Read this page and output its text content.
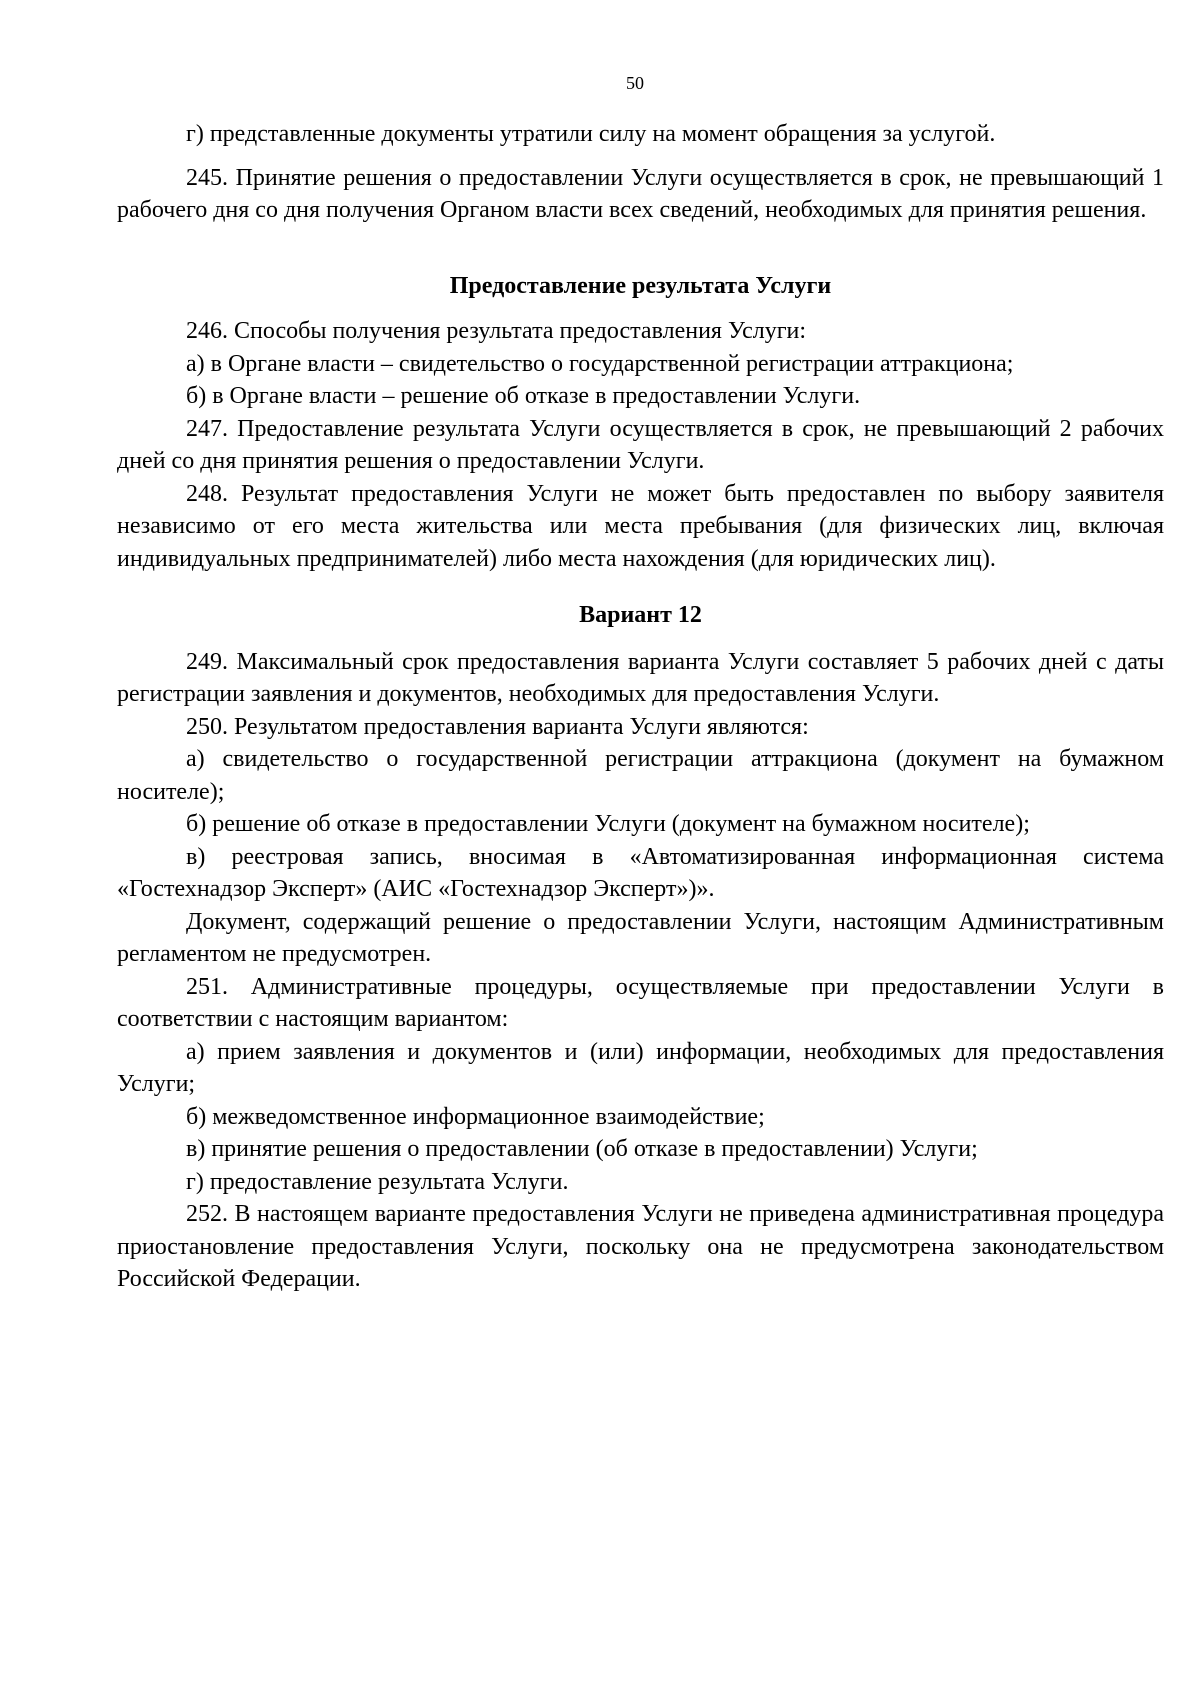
50

г) представленные документы утратили силу на момент обращения за услугой.

245. Принятие решения о предоставлении Услуги осуществляется в срок, не превышающий 1 рабочего дня со дня получения Органом власти всех сведений, необходимых для принятия решения.

Предоставление результата Услуги

246. Способы получения результата предоставления Услуги:

а) в Органе власти – свидетельство о государственной регистрации аттракциона;

б) в Органе власти – решение об отказе в предоставлении Услуги.

247. Предоставление результата Услуги осуществляется в срок, не превышающий 2 рабочих дней со дня принятия решения о предоставлении Услуги.

248. Результат предоставления Услуги не может быть предоставлен по выбору заявителя независимо от его места жительства или места пребывания (для физических лиц, включая индивидуальных предпринимателей) либо места нахождения (для юридических лиц).

Вариант 12

249. Максимальный срок предоставления варианта Услуги составляет 5 рабочих дней с даты регистрации заявления и документов, необходимых для предоставления Услуги.

250. Результатом предоставления варианта Услуги являются:

а) свидетельство о государственной регистрации аттракциона (документ на бумажном носителе);

б) решение об отказе в предоставлении Услуги (документ на бумажном носителе);

в) реестровая запись, вносимая в «Автоматизированная информационная система «Гостехнадзор Эксперт» (АИС «Гостехнадзор Эксперт»)».

Документ, содержащий решение о предоставлении Услуги, настоящим Административным регламентом не предусмотрен.

251. Административные процедуры, осуществляемые при предоставлении Услуги в соответствии с настоящим вариантом:

а) прием заявления и документов и (или) информации, необходимых для предоставления Услуги;

б) межведомственное информационное взаимодействие;

в) принятие решения о предоставлении (об отказе в предоставлении) Услуги;

г) предоставление результата Услуги.

252. В настоящем варианте предоставления Услуги не приведена административная процедура приостановление предоставления Услуги, поскольку она не предусмотрена законодательством Российской Федерации.
